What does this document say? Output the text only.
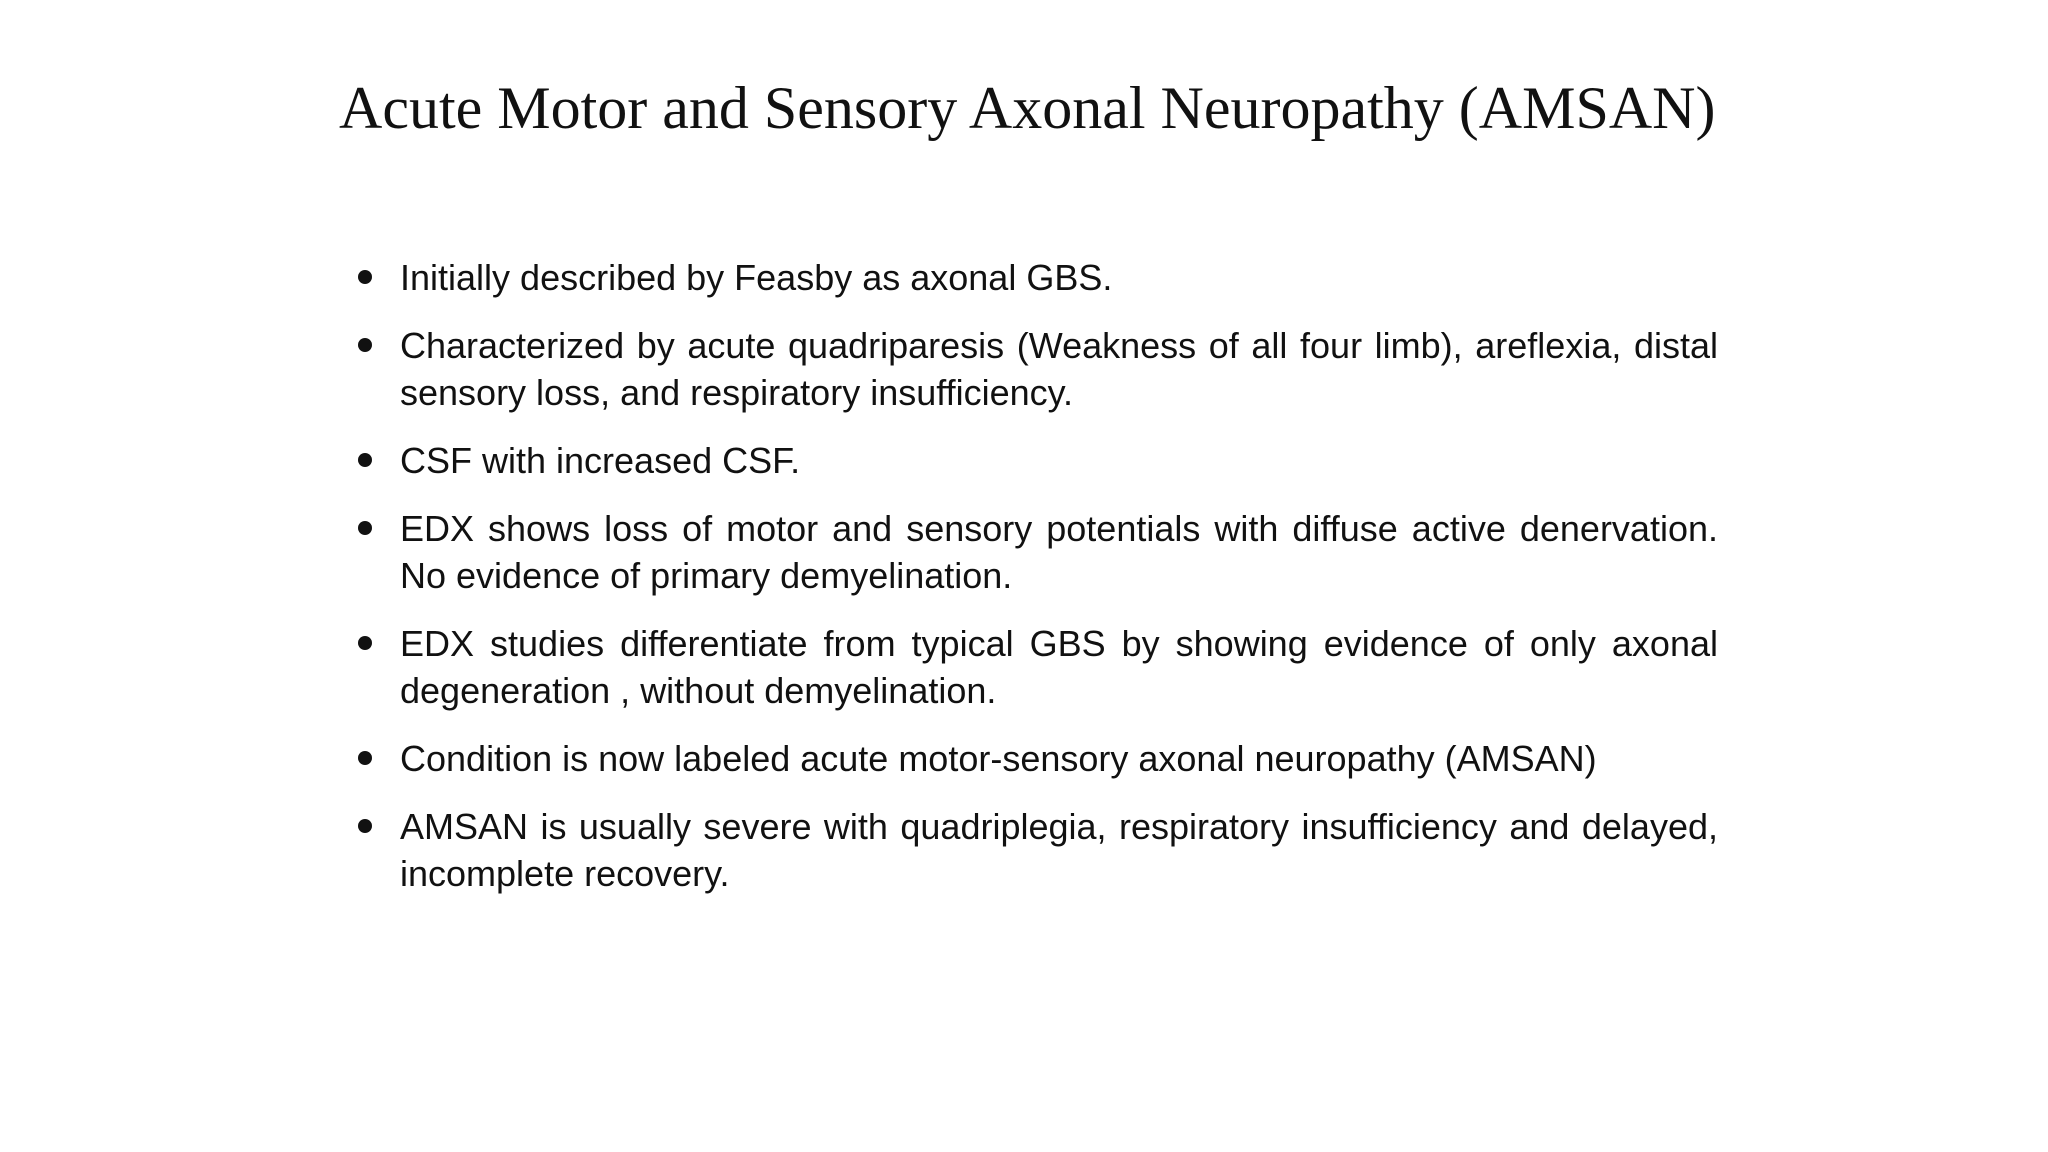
Acute Motor and Sensory Axonal Neuropathy (AMSAN)
Initially described by Feasby as axonal GBS.
Characterized by acute quadriparesis (Weakness of all four limb), areflexia, distal sensory loss, and respiratory insufficiency.
CSF with increased CSF.
EDX shows loss of motor and sensory potentials with diffuse active denervation. No evidence of primary demyelination.
EDX studies differentiate from typical GBS by showing evidence of only axonal degeneration , without demyelination.
Condition is now labeled acute motor-sensory axonal neuropathy (AMSAN)
AMSAN is usually severe with quadriplegia, respiratory insufficiency and delayed, incomplete recovery.
